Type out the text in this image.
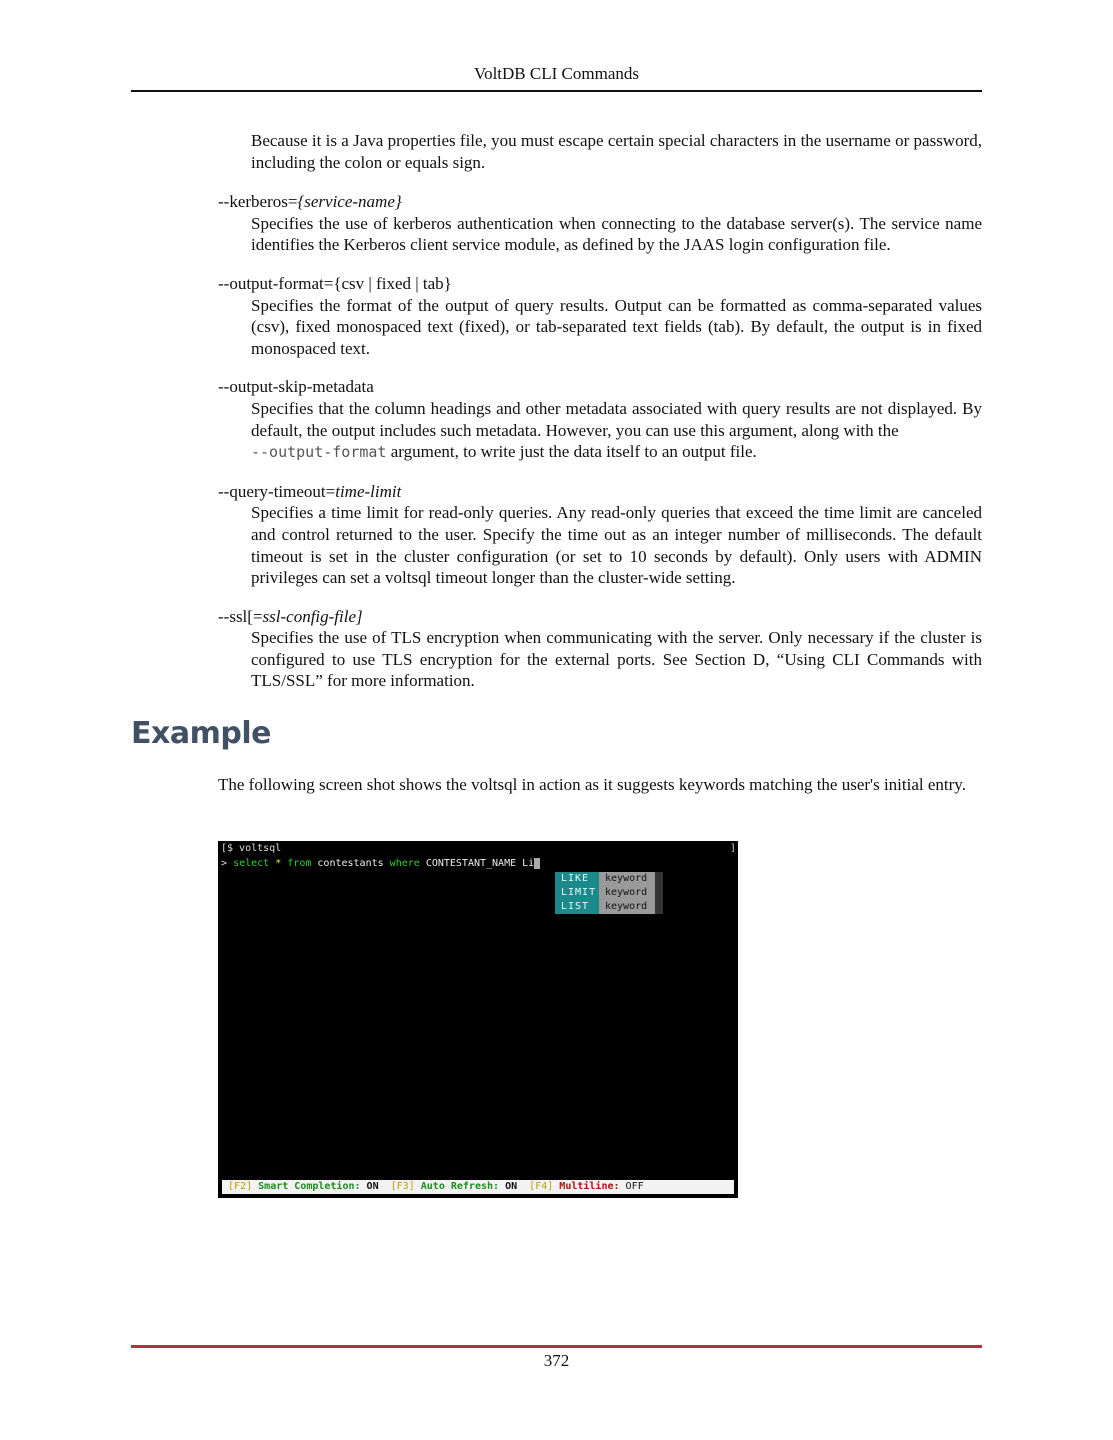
VoltDB CLI Commands

Because it is a Java properties file, you must escape certain special characters in the username or password, including the colon or equals sign.

--kerberos={service-name}

Specifies the use of kerberos authentication when connecting to the database server(s). The service name identifies the Kerberos client service module, as defined by the JAAS login configuration file.

--output-format={csv | fixed | tab}

Specifies the format of the output of query results. Output can be formatted as comma-separated values (csv), fixed monospaced text (fixed), or tab-separated text fields (tab). By default, the output is in fixed monospaced text.

--output-skip-metadata

Specifies that the column headings and other metadata associated with query results are not displayed. By default, the output includes such metadata. However, you can use this argument, along with the
--output-format argument, to write just the data itself to an output file.

--query-timeout=time-limit

Specifies a time limit for read-only queries. Any read-only queries that exceed the time limit are canceled and control returned to the user. Specify the time out as an integer number of milliseconds. The default timeout is set in the cluster configuration (or set to 10 seconds by default). Only users with ADMIN privileges can set a voltsql timeout longer than the cluster-wide setting.

--ssl[=ssl-config-file]

Specifies the use of TLS encryption when communicating with the server. Only necessary if the cluster is configured to use TLS encryption for the external ports. See Section D, “Using CLI Commands with TLS/SSL” for more information.

Example

The following screen shot shows the voltsql in action as it suggests keywords matching the user's initial entry.

[$ voltsql	]
> select * from contestants where CONTESTANT_NAME Li
LIKE	keyword
LIMIT keyword
LIST	keyword
[F2] Smart Completion: ON [F3] Auto Refresh: ON [F4] Multiline: OFF
372
